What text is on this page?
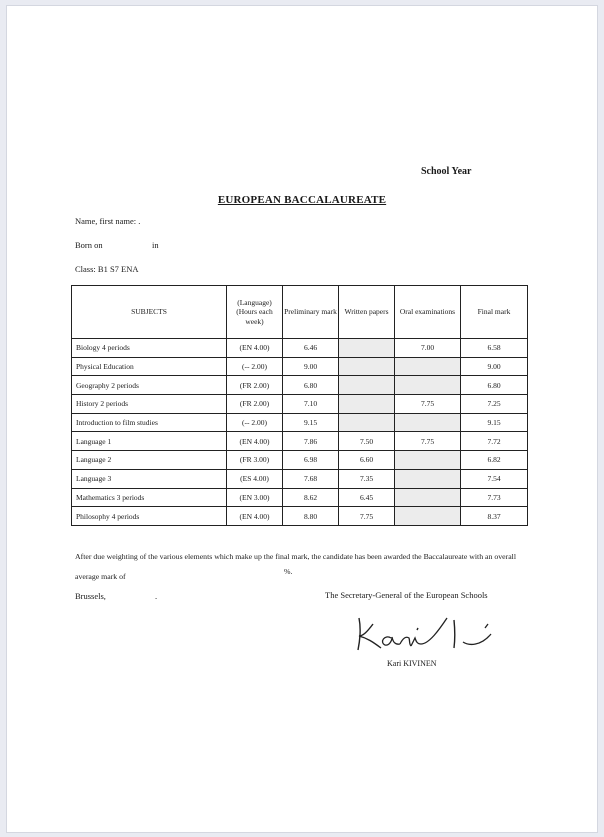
School Year
EUROPEAN BACCALAUREATE
Name, first name: .
Born on	in
Class: B1 S7 ENA
SUBJECTS	(Language) (Hours each week)	Preliminary mark	Written papers	Oral examinations	Final mark
Biology 4 periods	(EN 4.00)	6.46		7.00	6.58
Physical Education	(-- 2.00)	9.00			9.00
Geography 2 periods	(FR 2.00)	6.80			6.80
History 2 periods	(FR 2.00)	7.10		7.75	7.25
Introduction to film studies	(-- 2.00)	9.15			9.15
Language 1	(EN 4.00)	7.86	7.50	7.75	7.72
Language 2	(FR 3.00)	6.98	6.60		6.82
Language 3	(ES 4.00)	7.68	7.35		7.54
Mathematics 3 periods	(EN 3.00)	8.62	6.45		7.73
Philosophy 4 periods	(EN 4.00)	8.80	7.75		8.37
After due weighting of the various elements which make up the final mark, the candidate has been awarded the Baccalaureate with an overall average mark of
%.
Brussels,	.	The Secretary-General of the European Schools
Kari KIVINEN
